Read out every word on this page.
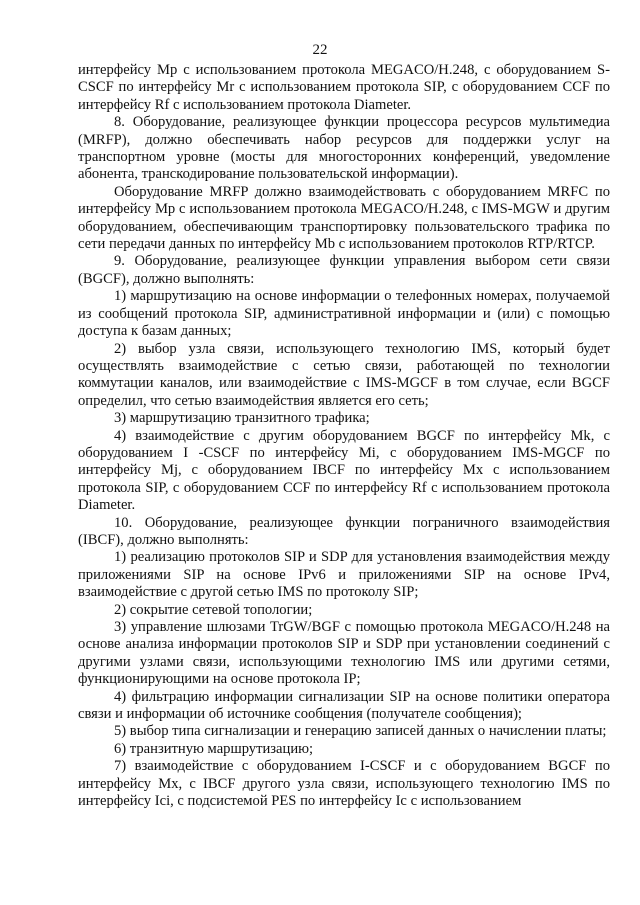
22

интерфейсу Mp с использованием протокола MEGACO/H.248, с оборудованием S-CSCF по интерфейсу Mr с использованием протокола SIP, с оборудованием CCF по интерфейсу Rf с использованием протокола Diameter.

8. Оборудование, реализующее функции процессора ресурсов мультимедиа (MRFP), должно обеспечивать набор ресурсов для поддержки услуг на транспортном уровне (мосты для многосторонних конференций, уведомление абонента, транскодирование пользовательской информации).

Оборудование MRFP должно взаимодействовать с оборудованием MRFC по интерфейсу Mp с использованием протокола MEGACO/H.248, с IMS-MGW и другим оборудованием, обеспечивающим транспортировку пользовательского трафика по сети передачи данных по интерфейсу Mb с использованием протоколов RTP/RTCP.

9. Оборудование, реализующее функции управления выбором сети связи (BGCF), должно выполнять:

1) маршрутизацию на основе информации о телефонных номерах, получаемой из сообщений протокола SIP, административной информации и (или) с помощью доступа к базам данных;

2) выбор узла связи, использующего технологию IMS, который будет осуществлять взаимодействие с сетью связи, работающей по технологии коммутации каналов, или взаимодействие с IMS-MGCF в том случае, если BGCF определил, что сетью взаимодействия является его сеть;

3) маршрутизацию транзитного трафика;

4) взаимодействие с другим оборудованием BGCF по интерфейсу Mk, с оборудованием I -CSCF по интерфейсу Mi, с оборудованием IMS-MGCF по интерфейсу Mj, с оборудованием IBCF по интерфейсу Mx с использованием протокола SIP, с оборудованием CCF по интерфейсу Rf с использованием протокола Diameter.

10. Оборудование, реализующее функции пограничного взаимодействия (IBCF), должно выполнять:

1) реализацию протоколов SIP и SDP для установления взаимодействия между приложениями SIP на основе IPv6 и приложениями SIP на основе IPv4, взаимодействие с другой сетью IMS по протоколу SIP;

2) сокрытие сетевой топологии;

3) управление шлюзами TrGW/BGF с помощью протокола MEGACO/H.248 на основе анализа информации протоколов SIP и SDP при установлении соединений с другими узлами связи, использующими технологию IMS или другими сетями, функционирующими на основе протокола IP;

4) фильтрацию информации сигнализации SIP на основе политики оператора связи и информации об источнике сообщения (получателе сообщения);

5) выбор типа сигнализации и генерацию записей данных о начислении платы;

6) транзитную маршрутизацию;

7) взаимодействие с оборудованием I-CSCF и с оборудованием BGCF по интерфейсу Mx, с IBCF другого узла связи, использующего технологию IMS по интерфейсу Ici, с подсистемой PES по интерфейсу Ic с использованием
